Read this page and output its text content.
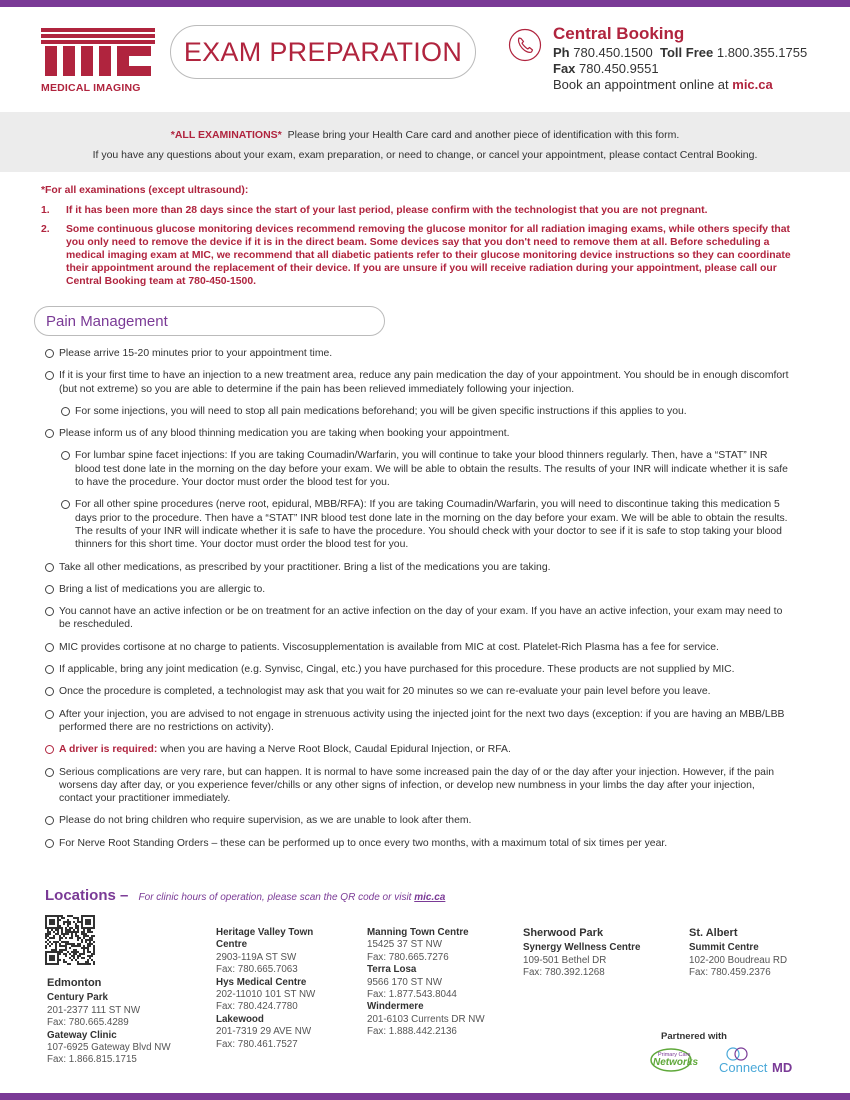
MEDICAL IMAGING
EXAM PREPARATION
Central Booking
Ph 780.450.1500 Toll Free 1.800.355.1755
Fax 780.450.9551
Book an appointment online at mic.ca
*ALL EXAMINATIONS* Please bring your Health Care card and another piece of identification with this form.
If you have any questions about your exam, exam preparation, or need to change, or cancel your appointment, please contact Central Booking.
*For all examinations (except ultrasound):
1. If it has been more than 28 days since the start of your last period, please confirm with the technologist that you are not pregnant.
2. Some continuous glucose monitoring devices recommend removing the glucose monitor for all radiation imaging exams, while others specify that you only need to remove the device if it is in the direct beam. Some devices say that you don't need to remove them at all. Before scheduling a medical imaging exam at MIC, we recommend that all diabetic patients refer to their glucose monitoring device instructions so they can coordinate their appointment around the replacement of their device. If you are unsure if you will receive radiation during your appointment, please call our Central Booking team at 780-450-1500.
Pain Management
Please arrive 15-20 minutes prior to your appointment time.
If it is your first time to have an injection to a new treatment area, reduce any pain medication the day of your appointment. You should be in enough discomfort (but not extreme) so you are able to determine if the pain has been relieved immediately following your injection.
For some injections, you will need to stop all pain medications beforehand; you will be given specific instructions if this applies to you.
Please inform us of any blood thinning medication you are taking when booking your appointment.
For lumbar spine facet injections: If you are taking Coumadin/Warfarin, you will continue to take your blood thinners regularly. Then, have a “STAT” INR blood test done late in the morning on the day before your exam. We will be able to obtain the results. The results of your INR will indicate whether it is safe to have the procedure. Your doctor must order the blood test for you.
For all other spine procedures (nerve root, epidural, MBB/RFA): If you are taking Coumadin/Warfarin, you will need to discontinue taking this medication 5 days prior to the procedure. Then have a “STAT” INR blood test done late in the morning on the day before your exam. We will be able to obtain the results. The results of your INR will indicate whether it is safe to have the procedure. You should check with your doctor to see if it is safe to stop taking your blood thinners for this short time. Your doctor must order the blood test for you.
Take all other medications, as prescribed by your practitioner. Bring a list of the medications you are taking.
Bring a list of medications you are allergic to.
You cannot have an active infection or be on treatment for an active infection on the day of your exam. If you have an active infection, your exam may need to be rescheduled.
MIC provides cortisone at no charge to patients. Viscosupplementation is available from MIC at cost. Platelet-Rich Plasma has a fee for service.
If applicable, bring any joint medication (e.g. Synvisc, Cingal, etc.) you have purchased for this procedure. These products are not supplied by MIC.
Once the procedure is completed, a technologist may ask that you wait for 20 minutes so we can re-evaluate your pain level before you leave.
After your injection, you are advised to not engage in strenuous activity using the injected joint for the next two days (exception: if you are having an MBB/LBB performed there are no restrictions on activity).
A driver is required: when you are having a Nerve Root Block, Caudal Epidural Injection, or RFA.
Serious complications are very rare, but can happen. It is normal to have some increased pain the day of or the day after your injection. However, if the pain worsens day after day, or you experience fever/chills or any other signs of infection, or develop new numbness in your limbs the day after your injection, contact your practitioner immediately.
Please do not bring children who require supervision, as we are unable to look after them.
For Nerve Root Standing Orders – these can be performed up to once every two months, with a maximum total of six times per year.
Locations – For clinic hours of operation, please scan the QR code or visit mic.ca
Edmonton
Century Park
201-2377 111 ST NW
Fax: 780.665.4289
Gateway Clinic
107-6925 Gateway Blvd NW
Fax: 1.866.815.1715
Heritage Valley Town Centre
2903-119A ST SW
Fax: 780.665.7063
Hys Medical Centre
202-11010 101 ST NW
Fax: 780.424.7780
Lakewood
201-7319 29 AVE NW
Fax: 780.461.7527
Manning Town Centre
15425 37 ST NW
Fax: 780.665.7276
Terra Losa
9566 170 ST NW
Fax: 1.877.543.8044
Windermere
201-6103 Currents DR NW
Fax: 1.888.442.2136
Sherwood Park
Synergy Wellness Centre
109-501 Bethel DR
Fax: 780.392.1268
St. Albert
Summit Centre
102-200 Boudreau RD
Fax: 780.459.2376
Partnered with
Primary Care
Networks Connect MD
